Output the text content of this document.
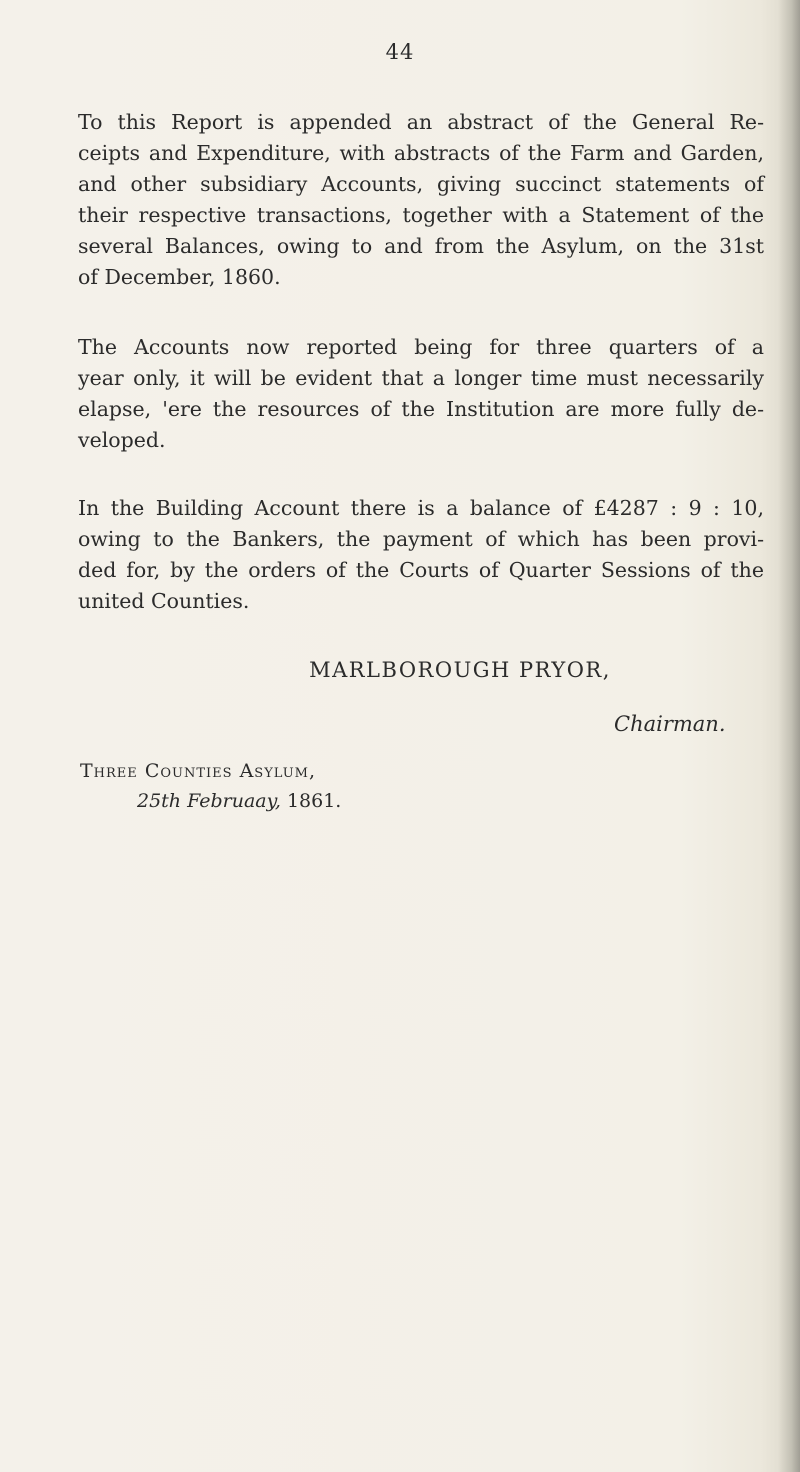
44

To this Report is appended an abstract of the General Re-
ceipts and Expenditure, with abstracts of the Farm and Garden,
and other subsidiary Accounts, giving succinct statements of
their respective transactions, together with a Statement of the
several Balances, owing to and from the Asylum, on the 31st
of December, 1860.

The Accounts now reported being for three quarters of a
year only, it will be evident that a longer time must necessarily
elapse, 'ere the resources of the Institution are more fully de-
veloped.

In the Building Account there is a balance of £4287 : 9 : 10,
owing to the Bankers, the payment of which has been provi-
ded for, by the orders of the Courts of Quarter Sessions of the
united Counties.

MARLBOROUGH PRYOR,
Chairman.
Three Counties Asylum,
25th Februaay, 1861.
